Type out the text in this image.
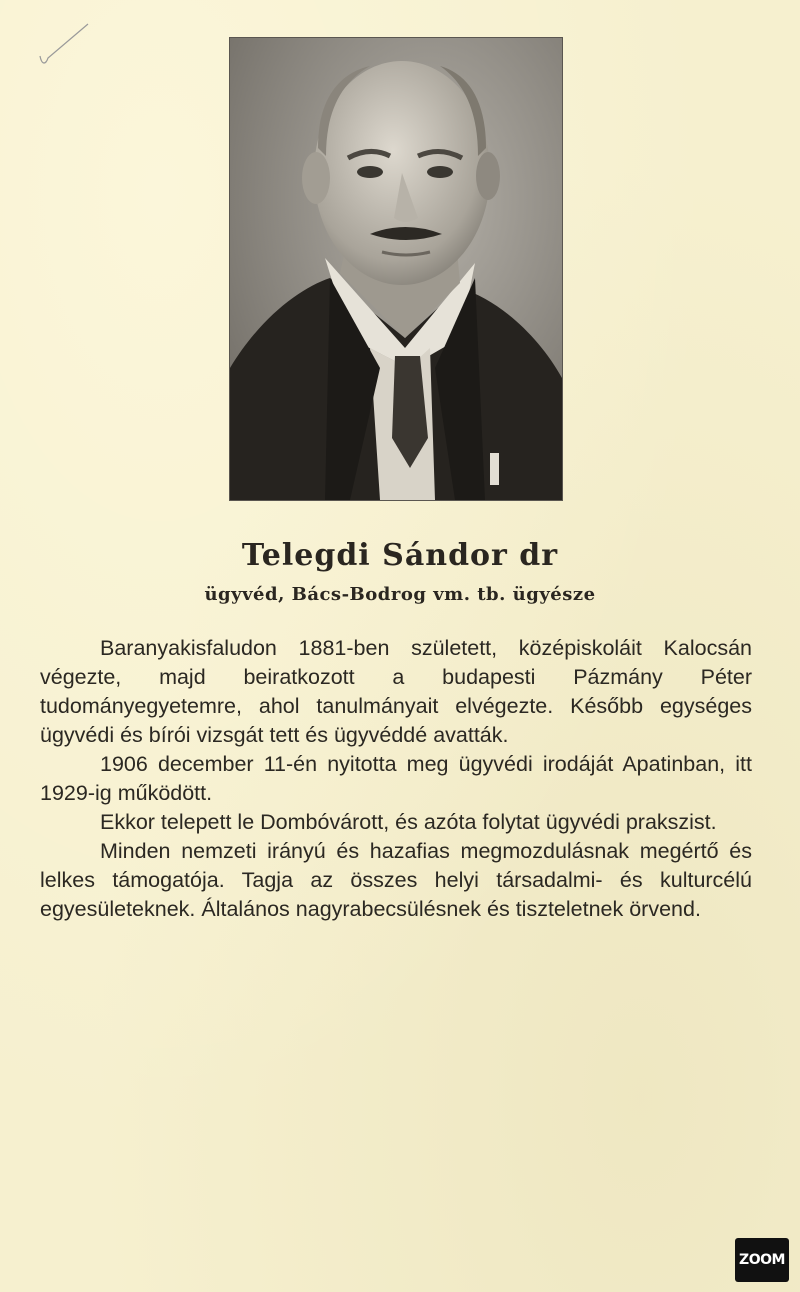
Telegdi Sándor dr
ügyvéd, Bács-Bodrog vm. tb. ügyésze

Baranyakisfaludon 1881-ben született, középiskoláit Kalocsán végezte, majd beiratkozott a budapesti Pázmány Péter tudományegyetemre, ahol tanulmányait elvégezte. Később egységes ügyvédi és bírói vizsgát tett és ügyvéddé avatták.

1906 december 11-én nyitotta meg ügyvédi irodáját Apatinban, itt 1929-ig működött.

Ekkor telepett le Dombóvárott, és azóta folytat ügyvédi prakszist.

Minden nemzeti irányú és hazafias megmozdulásnak megértő és lelkes támogatója. Tagja az összes helyi társadalmi- és kulturcélú egyesületeknek. Általános nagyrabecsülésnek és tiszteletnek örvend.

ZOOM
